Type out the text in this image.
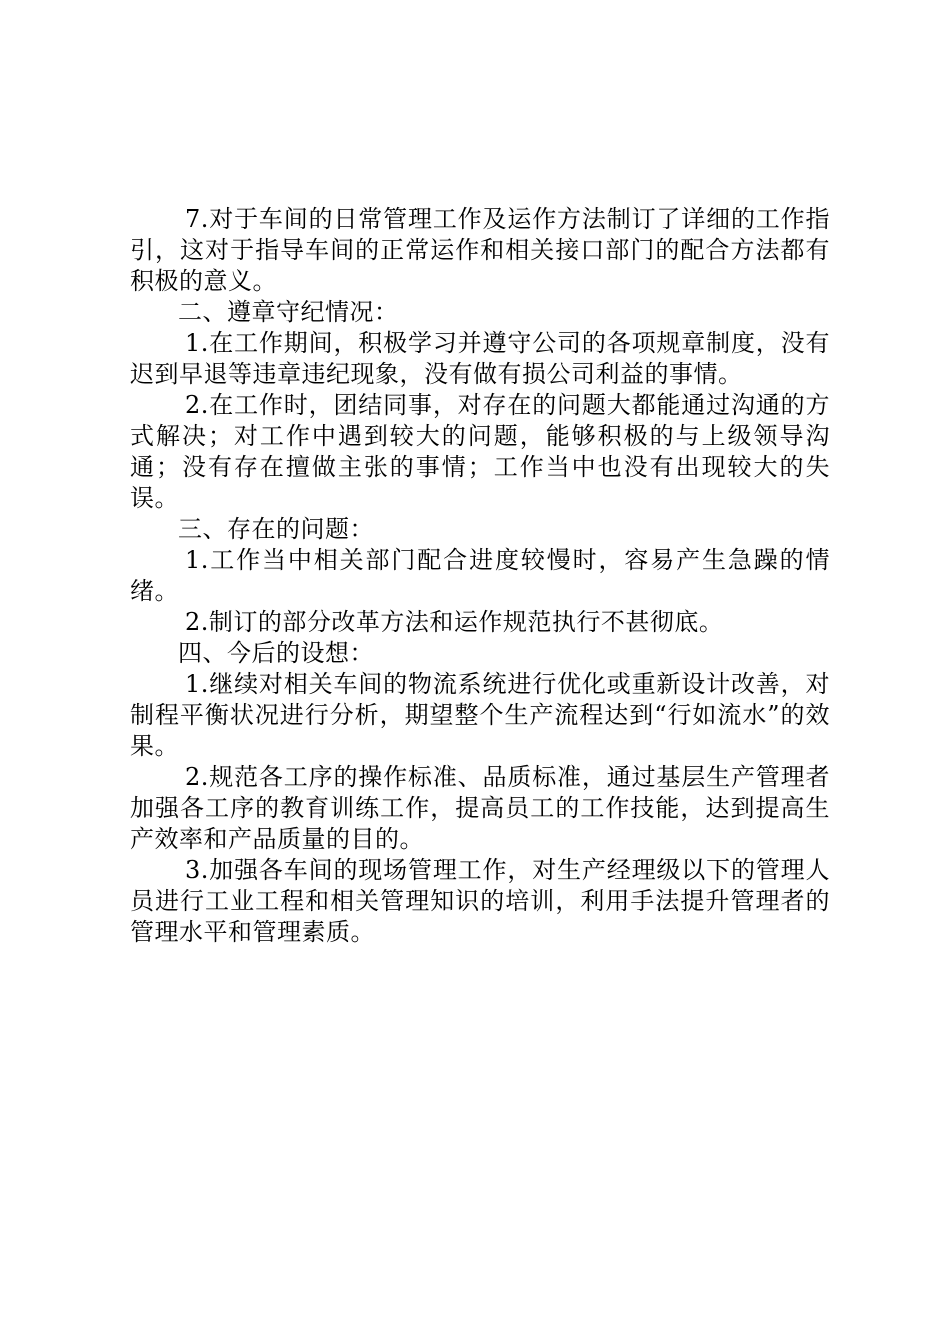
7.对于车间的日常管理工作及运作方法制订了详细的工作指引，这对于指导车间的正常运作和相关接口部门的配合方法都有积极的意义。

二、遵章守纪情况：

1.在工作期间，积极学习并遵守公司的各项规章制度，没有迟到早退等违章违纪现象，没有做有损公司利益的事情。

2.在工作时，团结同事，对存在的问题大都能通过沟通的方式解决；对工作中遇到较大的问题，能够积极的与上级领导沟通；没有存在擅做主张的事情；工作当中也没有出现较大的失误。

三、存在的问题：

1.工作当中相关部门配合进度较慢时，容易产生急躁的情绪。

2.制订的部分改革方法和运作规范执行不甚彻底。

四、今后的设想：

1.继续对相关车间的物流系统进行优化或重新设计改善，对制程平衡状况进行分析，期望整个生产流程达到“行如流水”的效果。

2.规范各工序的操作标准、品质标准，通过基层生产管理者加强各工序的教育训练工作，提高员工的工作技能，达到提高生产效率和产品质量的目的。

3.加强各车间的现场管理工作，对生产经理级以下的管理人员进行工业工程和相关管理知识的培训，利用手法提升管理者的管理水平和管理素质。
